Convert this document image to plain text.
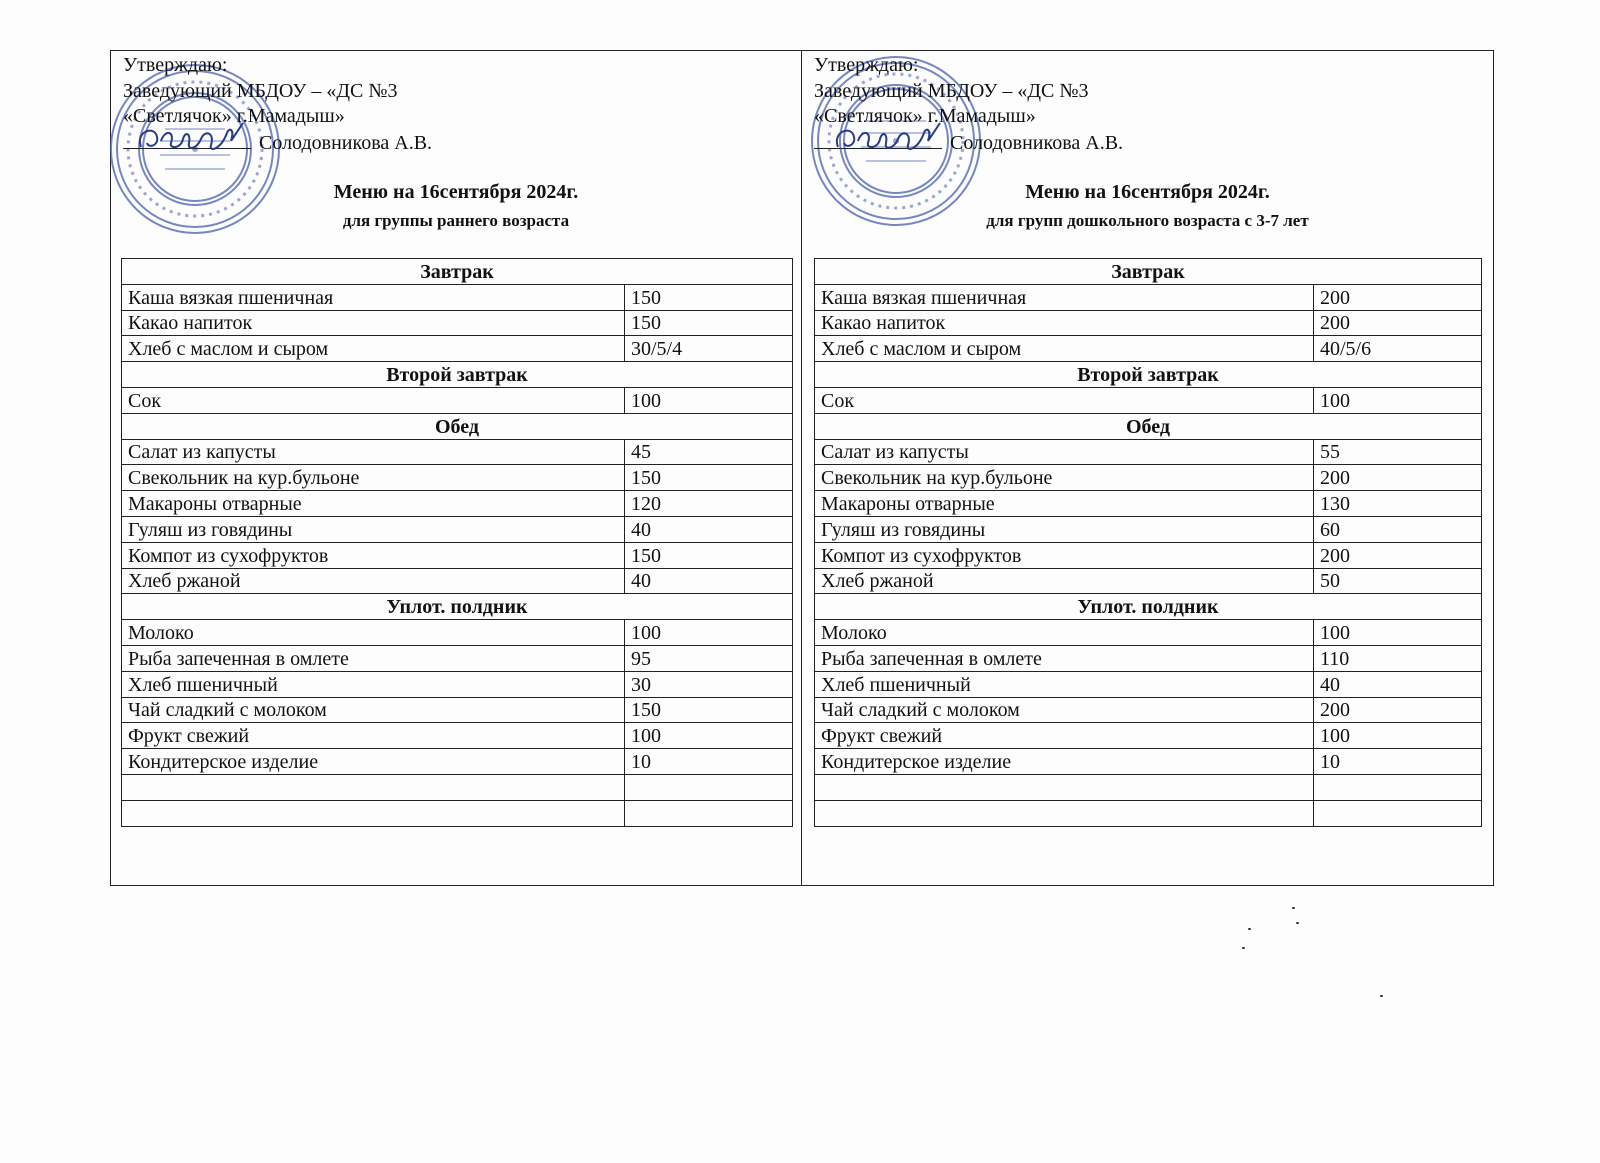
Утверждаю:
Заведующий МБДОУ – «ДС №3
«Светлячок» г.Мамадыш»
Солодовникова А.В.
Меню на 16сентября 2024г.
для группы раннего возраста
Завтрак	
Каша вязкая пшеничная	150
Какао напиток	150
Хлеб с маслом и сыром	30/5/4
Второй завтрак	
Сок	100
Обед	
Салат из капусты	45
Свекольник на кур.бульоне	150
Макароны отварные	120
Гуляш из говядины	40
Компот из сухофруктов	150
Хлеб ржаной	40
Уплот. полдник	
Молоко	100
Рыба запеченная в омлете	95
Хлеб пшеничный	30
Чай сладкий с молоком	150
Фрукт свежий	100
Кондитерское изделие	10

Утверждаю:
Заведующий МБДОУ – «ДС №3
«Светлячок» г.Мамадыш»
Солодовникова А.В.
Меню на 16сентября 2024г.
для групп дошкольного возраста с 3-7 лет
Завтрак	
Каша вязкая пшеничная	200
Какао напиток	200
Хлеб с маслом и сыром	40/5/6
Второй завтрак	
Сок	100
Обед	
Салат из капусты	55
Свекольник на кур.бульоне	200
Макароны отварные	130
Гуляш из говядины	60
Компот из сухофруктов	200
Хлеб ржаной	50
Уплот. полдник	
Молоко	100
Рыба запеченная в омлете	110
Хлеб пшеничный	40
Чай сладкий с молоком	200
Фрукт свежий	100
Кондитерское изделие	10
